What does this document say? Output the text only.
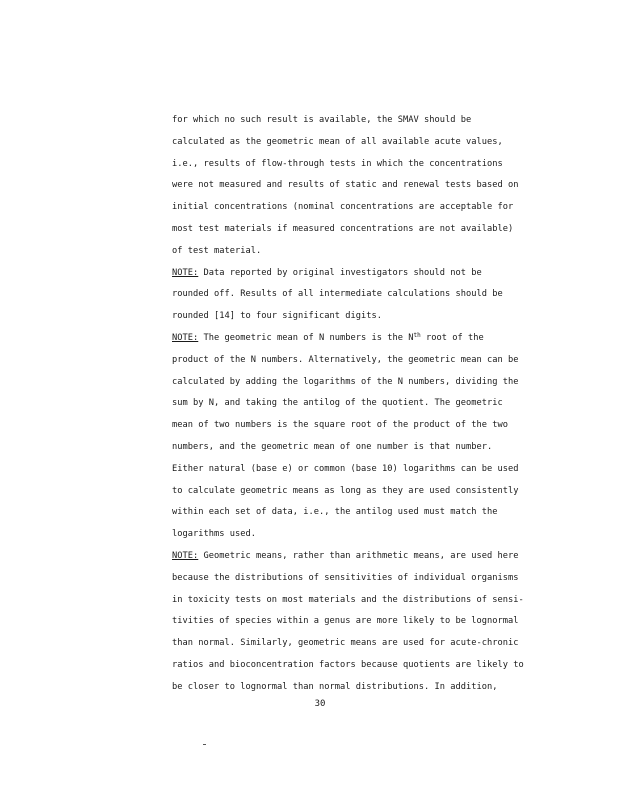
for which no such result is available, the SMAV should be
calculated as the geometric mean of all available acute values,
i.e., results of flow-through tests in which the concentrations
were not measured and results of static and renewal tests based on
initial concentrations (nominal concentrations are acceptable for
most test materials if measured concentrations are not available)
of test material.
NOTE: Data reported by original investigators should not be
rounded off. Results of all intermediate calculations should be
rounded [14] to four significant digits.
NOTE: The geometric mean of N numbers is the $N^{th}$ root of the
product of the N numbers. Alternatively, the geometric mean can be
calculated by adding the logarithms of the N numbers, dividing the
sum by N, and taking the antilog of the quotient. The geometric
mean of two numbers is the square root of the product of the two
numbers, and the geometric mean of one number is that number.
Either natural (base e) or common (base 10) logarithms can be used
to calculate geometric means as long as they are used consistently
within each set of data, i.e., the antilog used must match the
logarithms used.
NOTE: Geometric means, rather than arithmetic means, are used here
because the distributions of sensitivities of individual organisms
in toxicity tests on most materials and the distributions of sensi-
tivities of species within a genus are more likely to be lognormal
than normal. Similarly, geometric means are used for acute-chronic
ratios and bioconcentration factors because quotients are likely to
be closer to lognormal than normal distributions. In addition,
30
